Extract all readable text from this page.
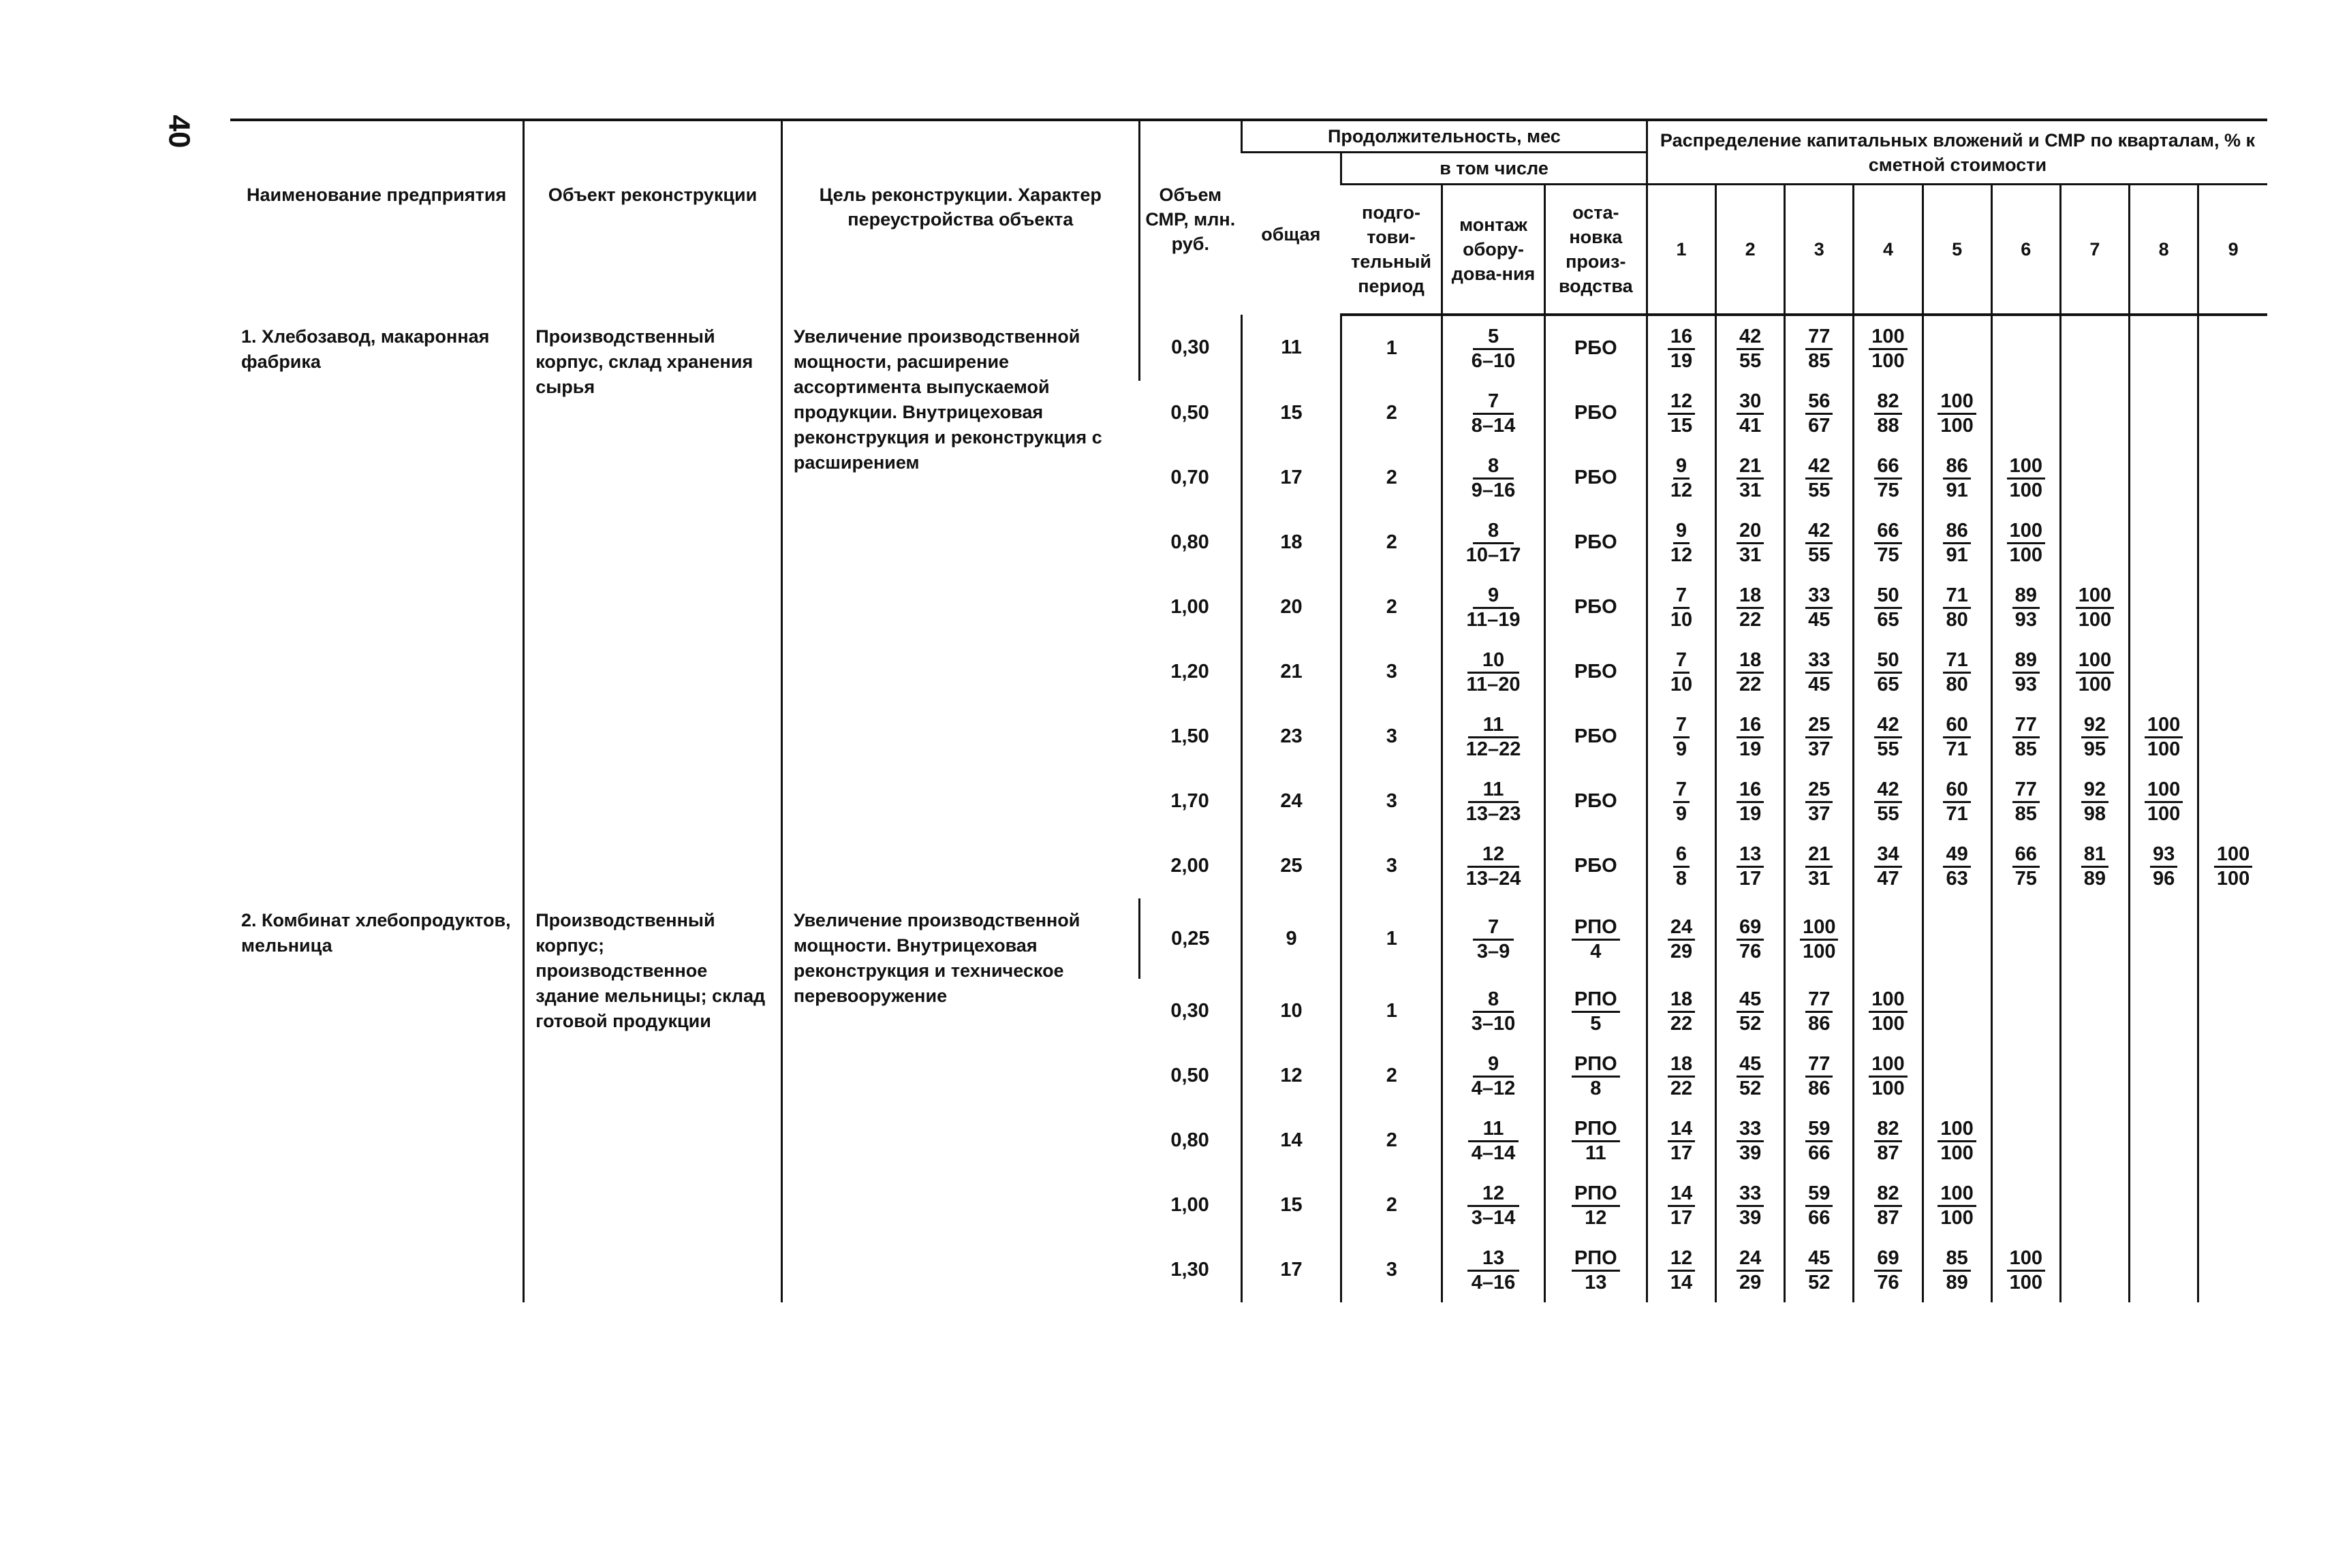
40
Наименование предприятия	Объект реконструкции	Цель реконструкции. Характер переустройства объекта	Объем СМР, млн. руб.	Продолжительность, мес				Распределение капитальных вложений и СМР по кварталам, % к сметной стоимости								
				общая	в том числе											
					подго-тови-тельный период	монтаж обору-дова-ния	оста-новка произ-водства	1	2	3	4	5	6	7	8	9
1. Хлебозавод, макаронная фабрика	Производственный корпус, склад хранения сырья	Увеличение производственной мощности, расширение ассортимента выпускаемой продукции. Внутрицеховая реконструкция и реконструкция с расширением	0,30	11	1	$\frac{5}{6-10}$	РБО	$\frac{16}{19}$	$\frac{42}{55}$	$\frac{77}{85}$	$\frac{100}{100}$

			0,50	15	2	$\frac{7}{8-14}$	РБО	$\frac{12}{15}$	$\frac{30}{41}$	$\frac{56}{67}$	$\frac{82}{88}$	$\frac{100}{100}$

			0,70	17	2	$\frac{8}{9-16}$	РБО	$\frac{9}{12}$	$\frac{21}{31}$	$\frac{42}{55}$	$\frac{66}{75}$	$\frac{86}{91}$	$\frac{100}{100}$

			0,80	18	2	$\frac{8}{10-17}$	РБО	$\frac{9}{12}$	$\frac{20}{31}$	$\frac{42}{55}$	$\frac{66}{75}$	$\frac{86}{91}$	$\frac{100}{100}$

			1,00	20	2	$\frac{9}{11-19}$	РБО	$\frac{7}{10}$	$\frac{18}{22}$	$\frac{33}{45}$	$\frac{50}{65}$	$\frac{71}{80}$	$\frac{89}{93}$	$\frac{100}{100}$

			1,20	21	3	$\frac{10}{11-20}$	РБО	$\frac{7}{10}$	$\frac{18}{22}$	$\frac{33}{45}$	$\frac{50}{65}$	$\frac{71}{80}$	$\frac{89}{93}$	$\frac{100}{100}$

			1,50	23	3	$\frac{11}{12-22}$	РБО	$\frac{7}{9}$	$\frac{16}{19}$	$\frac{25}{37}$	$\frac{42}{55}$	$\frac{60}{71}$	$\frac{77}{85}$	$\frac{92}{95}$	$\frac{100}{100}$

			1,70	24	3	$\frac{11}{13-23}$	РБО	$\frac{7}{9}$	$\frac{16}{19}$	$\frac{25}{37}$	$\frac{42}{55}$	$\frac{60}{71}$	$\frac{77}{85}$	$\frac{92}{98}$	$\frac{100}{100}$

			2,00	25	3	$\frac{12}{13-24}$	РБО	$\frac{6}{8}$	$\frac{13}{17}$	$\frac{21}{31}$	$\frac{34}{47}$	$\frac{49}{63}$	$\frac{66}{75}$	$\frac{81}{89}$	$\frac{93}{96}$	$\frac{100}{100}$

2. Комбинат хлебопродуктов, мельница	Производственный корпус; производственное здание мельницы; склад готовой продукции	Увеличение производственной мощности. Внутрицеховая реконструкция и техническое перевооружение	0,25	9	1	$\frac{7}{3-9}$	$\frac{\text{РПО}}{4}$	$\frac{24}{29}$	$\frac{69}{76}$	$\frac{100}{100}$

			0,30	10	1	$\frac{8}{3-10}$	$\frac{\text{РПО}}{5}$	$\frac{18}{22}$	$\frac{45}{52}$	$\frac{77}{86}$	$\frac{100}{100}$

			0,50	12	2	$\frac{9}{4-12}$	$\frac{\text{РПО}}{8}$	$\frac{18}{22}$	$\frac{45}{52}$	$\frac{77}{86}$	$\frac{100}{100}$

			0,80	14	2	$\frac{11}{4-14}$	$\frac{\text{РПО}}{11}$	$\frac{14}{17}$	$\frac{33}{39}$	$\frac{59}{66}$	$\frac{82}{87}$	$\frac{100}{100}$

			1,00	15	2	$\frac{12}{3-14}$	$\frac{\text{РПО}}{12}$	$\frac{14}{17}$	$\frac{33}{39}$	$\frac{59}{66}$	$\frac{82}{87}$	$\frac{100}{100}$

			1,30	17	3	$\frac{13}{4-16}$	$\frac{\text{РПО}}{13}$	$\frac{12}{14}$	$\frac{24}{29}$	$\frac{45}{52}$	$\frac{69}{76}$	$\frac{85}{89}$	$\frac{100}{100}$
